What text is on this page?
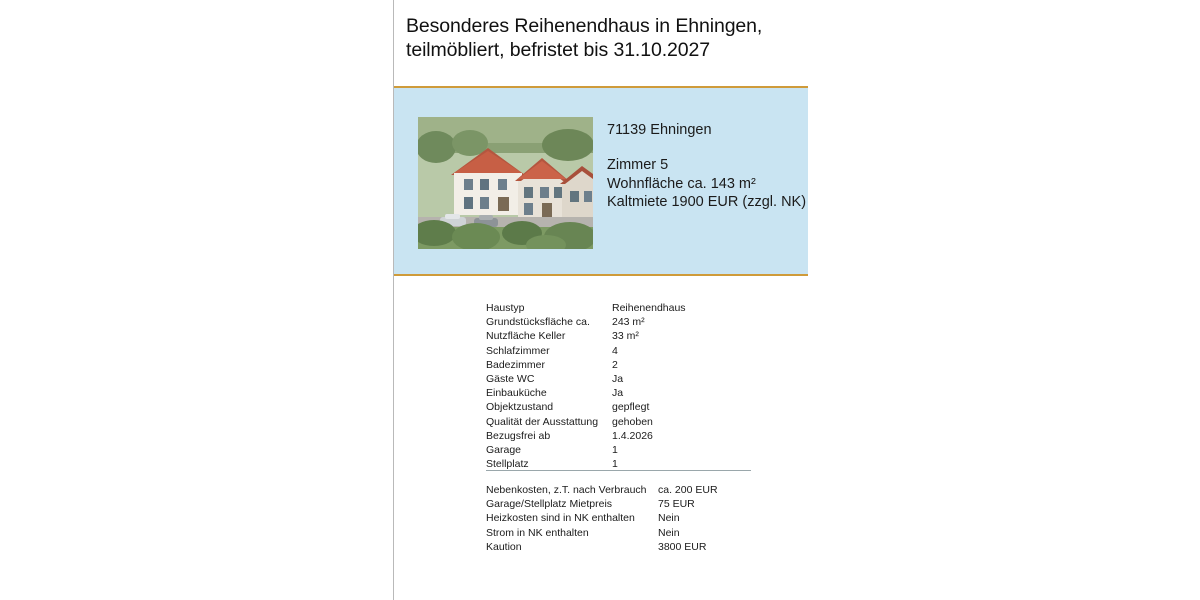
Besonderes Reihenendhaus in Ehningen,
teilmöbliert, befristet bis 31.10.2027
71139 Ehningen
Zimmer 5
Wohnfläche ca. 143 m²
Kaltmiete 1900 EUR (zzgl. NK)
Haustyp	Reihenendhaus
Grundstücksfläche ca.	243 m²
Nutzfläche Keller	33 m²
Schlafzimmer	4
Badezimmer	2
Gäste WC	Ja
Einbauküche	Ja
Objektzustand	gepflegt
Qualität der Ausstattung	gehoben
Bezugsfrei ab	1.4.2026
Garage	1
Stellplatz	1
Nebenkosten, z.T. nach Verbrauch	ca. 200 EUR
Garage/Stellplatz Mietpreis	75 EUR
Heizkosten sind in NK enthalten	Nein
Strom in NK enthalten	Nein
Kaution	3800 EUR
